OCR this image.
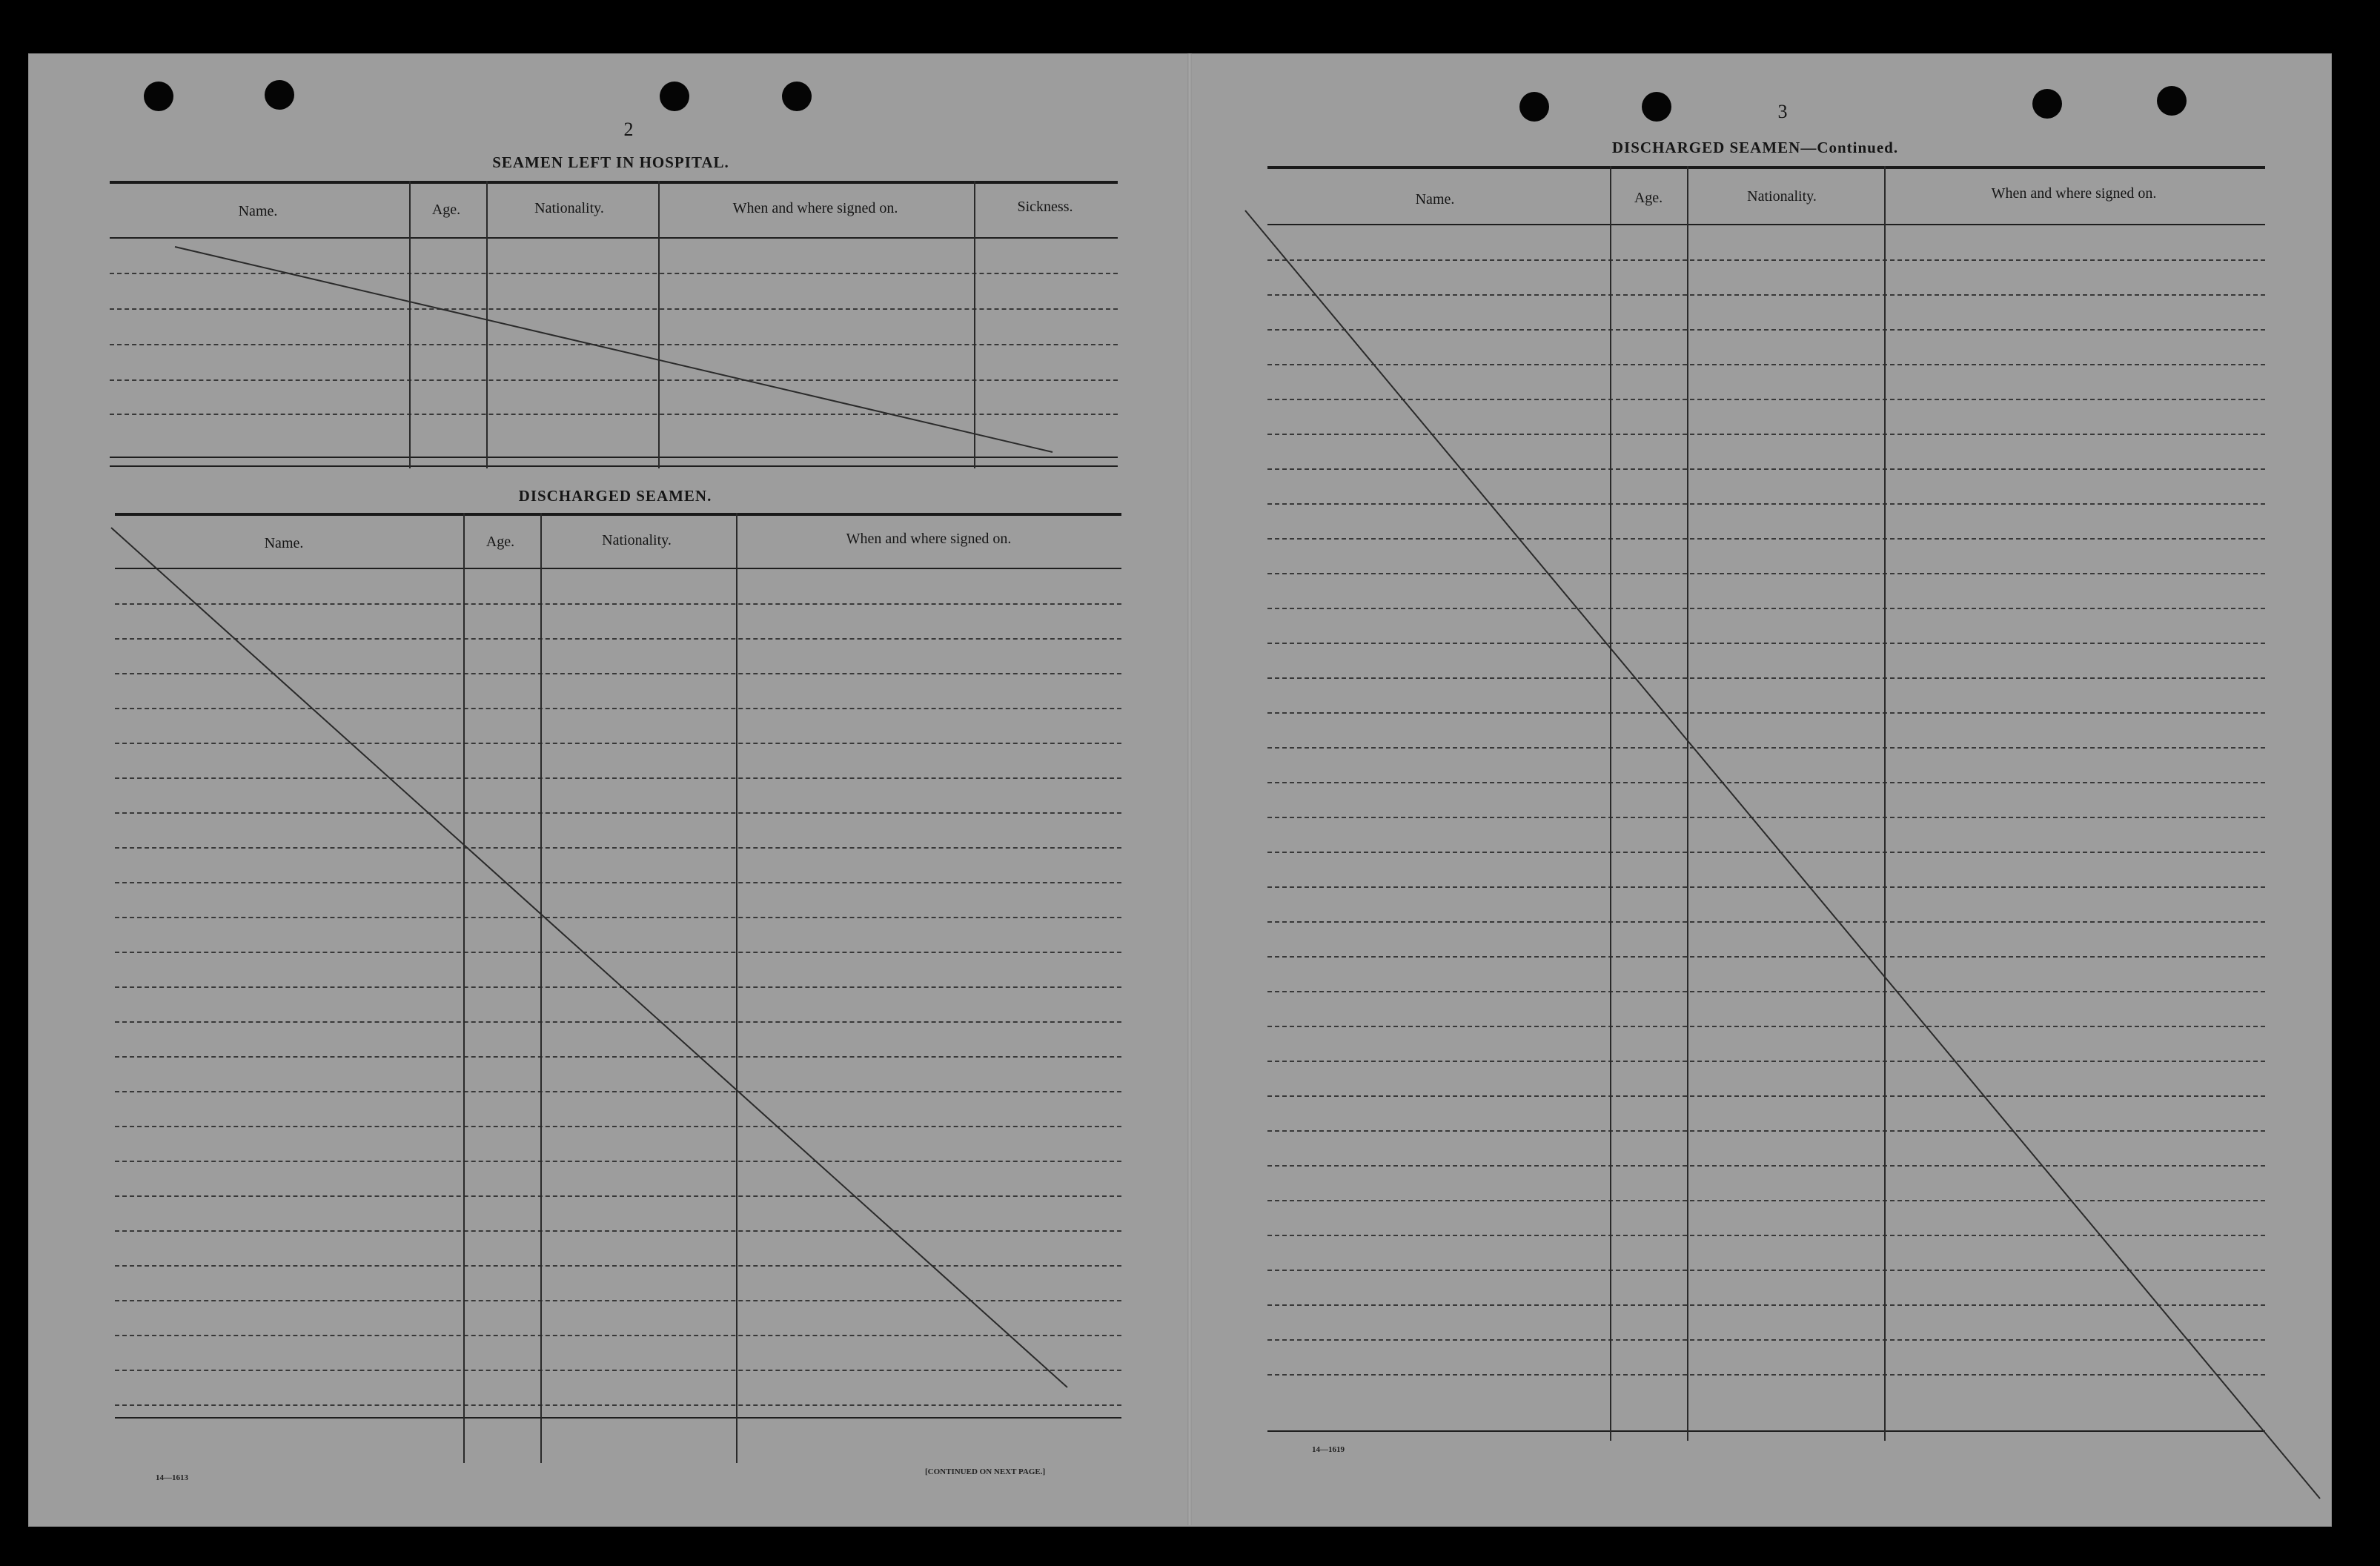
2
SEAMEN LEFT IN HOSPITAL.
Name.	Age.	Nationality.	When and where signed on.	Sickness.
DISCHARGED SEAMEN.
Name.	Age.	Nationality.	When and where signed on.
14—1613
[CONTINUED ON NEXT PAGE.]
3
DISCHARGED SEAMEN—Continued.
Name.	Age.	Nationality.	When and where signed on.
14—1619
